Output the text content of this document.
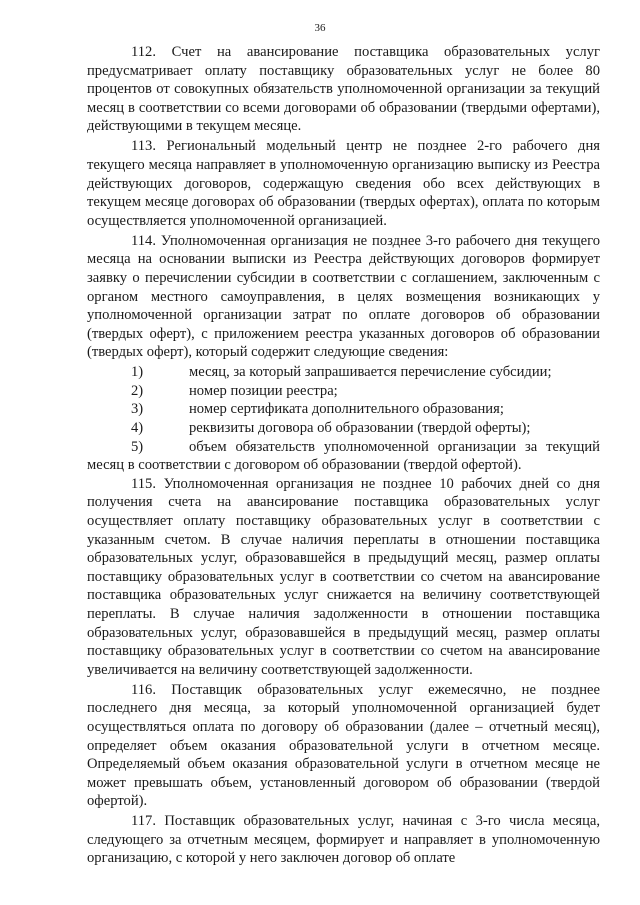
36

112. Счет на авансирование поставщика образовательных услуг предусматривает оплату поставщику образовательных услуг не более 80 процентов от совокупных обязательств уполномоченной организации за текущий месяц в соответствии со всеми договорами об образовании (твердыми офертами), действующими в текущем месяце.

113. Региональный модельный центр не позднее 2-го рабочего дня текущего месяца направляет в уполномоченную организацию выписку из Реестра действующих договоров, содержащую сведения обо всех действующих в текущем месяце договорах об образовании (твердых офертах), оплата по которым осуществляется уполномоченной организацией.

114. Уполномоченная организация не позднее 3-го рабочего дня текущего месяца на основании выписки из Реестра действующих договоров формирует заявку о перечислении субсидии в соответствии с соглашением, заключенным с органом местного самоуправления, в целях возмещения возникающих у уполномоченной организации затрат по оплате договоров об образовании (твердых оферт), с приложением реестра указанных договоров об образовании (твердых оферт), который содержит следующие сведения:

1)	месяц, за который запрашивается перечисление субсидии;
2)	номер позиции реестра;
3)	номер сертификата дополнительного образования;
4)	реквизиты договора об образовании (твердой оферты);
5)	объем обязательств уполномоченной организации за текущий месяц в соответствии с договором об образовании (твердой офертой).

115. Уполномоченная организация не позднее 10 рабочих дней со дня получения счета на авансирование поставщика образовательных услуг осуществляет оплату поставщику образовательных услуг в соответствии с указанным счетом. В случае наличия переплаты в отношении поставщика образовательных услуг, образовавшейся в предыдущий месяц, размер оплаты поставщику образовательных услуг в соответствии со счетом на авансирование поставщика образовательных услуг снижается на величину соответствующей переплаты. В случае наличия задолженности в отношении поставщика образовательных услуг, образовавшейся в предыдущий месяц, размер оплаты поставщику образовательных услуг в соответствии со счетом на авансирование увеличивается на величину соответствующей задолженности.

116. Поставщик образовательных услуг ежемесячно, не позднее последнего дня месяца, за который уполномоченной организацией будет осуществляться оплата по договору об образовании (далее – отчетный месяц), определяет объем оказания образовательной услуги в отчетном месяце. Определяемый объем оказания образовательной услуги в отчетном месяце не может превышать объем, установленный договором об образовании (твердой офертой).

117. Поставщик образовательных услуг, начиная с 3-го числа месяца, следующего за отчетным месяцем, формирует и направляет в уполномоченную организацию, с которой у него заключен договор об оплате
